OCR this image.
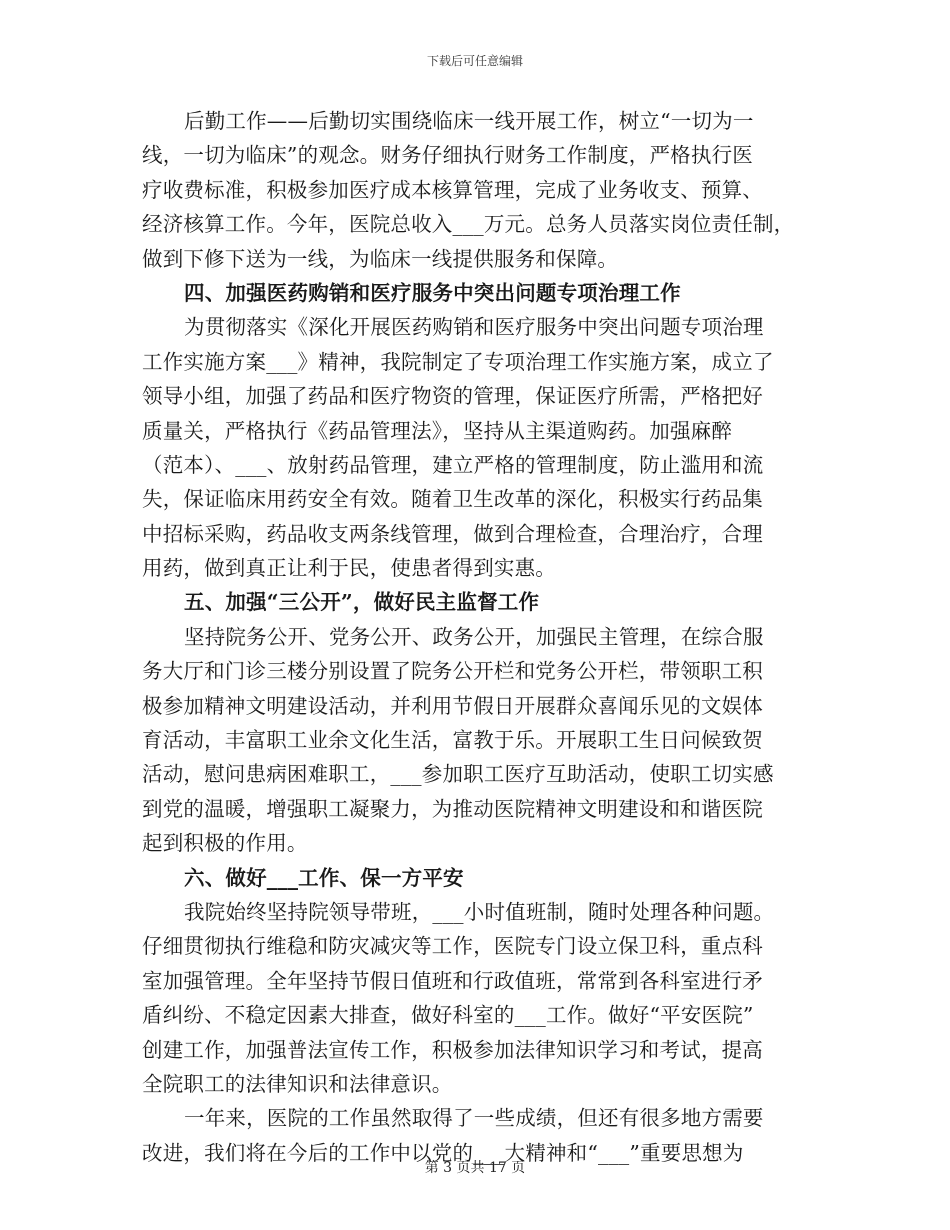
下载后可任意编辑
后勤工作——后勤切实围绕临床一线开展工作，树立“一切为一
线，一切为临床”的观念。财务仔细执行财务工作制度，严格执行医
疗收费标准，积极参加医疗成本核算管理，完成了业务收支、预算、
经济核算工作。今年，医院总收入___万元。总务人员落实岗位责任制，
做到下修下送为一线，为临床一线提供服务和保障。
四、加强医药购销和医疗服务中突出问题专项治理工作
为贯彻落实《深化开展医药购销和医疗服务中突出问题专项治理
工作实施方案___》精神，我院制定了专项治理工作实施方案，成立了
领导小组，加强了药品和医疗物资的管理，保证医疗所需，严格把好
质量关，严格执行《药品管理法》，坚持从主渠道购药。加强麻醉
（范本）、___、放射药品管理，建立严格的管理制度，防止滥用和流
失，保证临床用药安全有效。随着卫生改革的深化，积极实行药品集
中招标采购，药品收支两条线管理，做到合理检查，合理治疗，合理
用药，做到真正让利于民，使患者得到实惠。
五、加强“三公开”，做好民主监督工作
坚持院务公开、党务公开、政务公开，加强民主管理，在综合服
务大厅和门诊三楼分别设置了院务公开栏和党务公开栏，带领职工积
极参加精神文明建设活动，并利用节假日开展群众喜闻乐见的文娱体
育活动，丰富职工业余文化生活，富教于乐。开展职工生日问候致贺
活动，慰问患病困难职工，___参加职工医疗互助活动，使职工切实感
到党的温暖，增强职工凝聚力，为推动医院精神文明建设和和谐医院
起到积极的作用。
六、做好___工作、保一方平安
我院始终坚持院领导带班，___小时值班制，随时处理各种问题。
仔细贯彻执行维稳和防灾减灾等工作，医院专门设立保卫科，重点科
室加强管理。全年坚持节假日值班和行政值班，常常到各科室进行矛
盾纠纷、不稳定因素大排查，做好科室的___工作。做好“平安医院”
创建工作，加强普法宣传工作，积极参加法律知识学习和考试，提高
全院职工的法律知识和法律意识。
一年来，医院的工作虽然取得了一些成绩，但还有很多地方需要
改进，我们将在今后的工作中以党的___大精神和“___”重要思想为
第 3 页共 17 页
